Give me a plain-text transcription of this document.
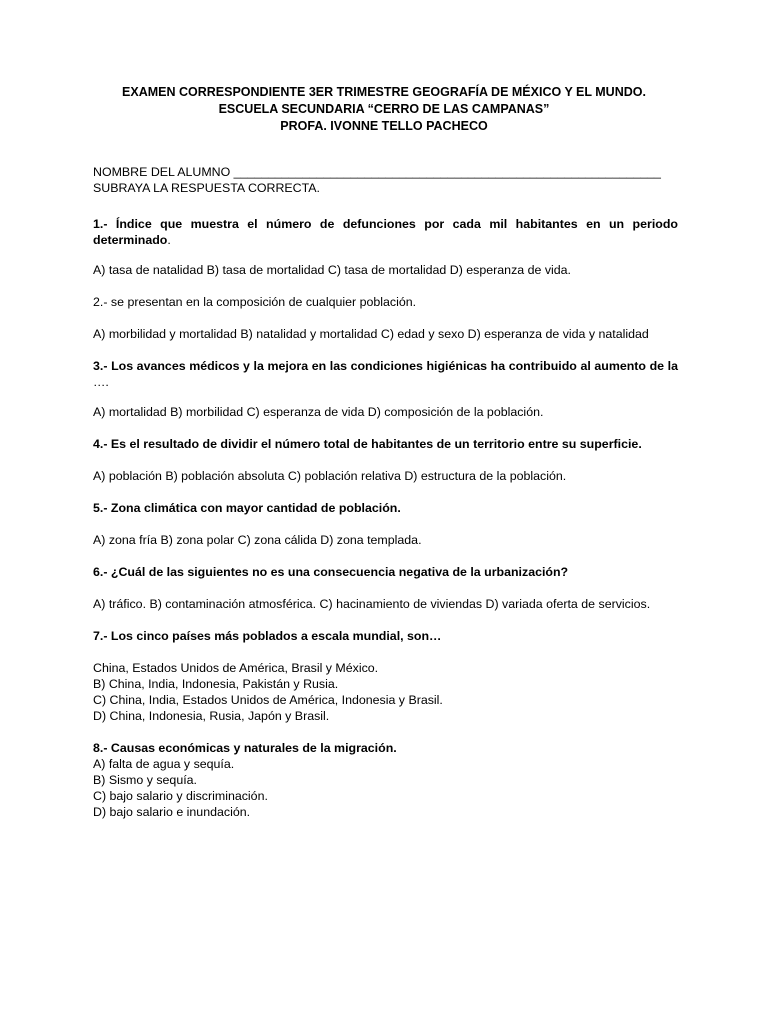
EXAMEN CORRESPONDIENTE 3ER TRIMESTRE GEOGRAFÍA DE MÉXICO Y EL MUNDO.
ESCUELA SECUNDARIA “CERRO DE LAS CAMPANAS”
PROFA. IVONNE TELLO PACHECO
NOMBRE DEL ALUMNO ______________________________________________________________
SUBRAYA LA RESPUESTA CORRECTA.

1.- Índice que muestra el número de defunciones por cada mil habitantes en un periodo determinado.

A) tasa de natalidad B) tasa de mortalidad C) tasa de mortalidad D) esperanza de vida.

2.- se presentan en la composición de cualquier población.

A) morbilidad y mortalidad B) natalidad y mortalidad C) edad y sexo D) esperanza de vida y natalidad

3.- Los avances médicos y la mejora en las condiciones higiénicas ha contribuido al aumento de la ….

A) mortalidad B) morbilidad C) esperanza de vida D) composición de la población.

4.- Es el resultado de dividir el número total de habitantes de un territorio entre su superficie.

A) población B) población absoluta C) población relativa D) estructura de la población.

5.- Zona climática con mayor cantidad de población.

A) zona fría B) zona polar C) zona cálida D) zona templada.

6.- ¿Cuál de las siguientes no es una consecuencia negativa de la urbanización?

A) tráfico. B) contaminación atmosférica. C) hacinamiento de viviendas D) variada oferta de servicios.

7.- Los cinco países más poblados a escala mundial, son…

China, Estados Unidos de América, Brasil y México.
B) China, India, Indonesia, Pakistán y Rusia.
C) China, India, Estados Unidos de América, Indonesia y Brasil.
D) China, Indonesia, Rusia, Japón y Brasil.

8.- Causas económicas y naturales de la migración.

A) falta de agua y sequía.
B) Sismo y sequía.
C) bajo salario y discriminación.
D) bajo salario e inundación.
